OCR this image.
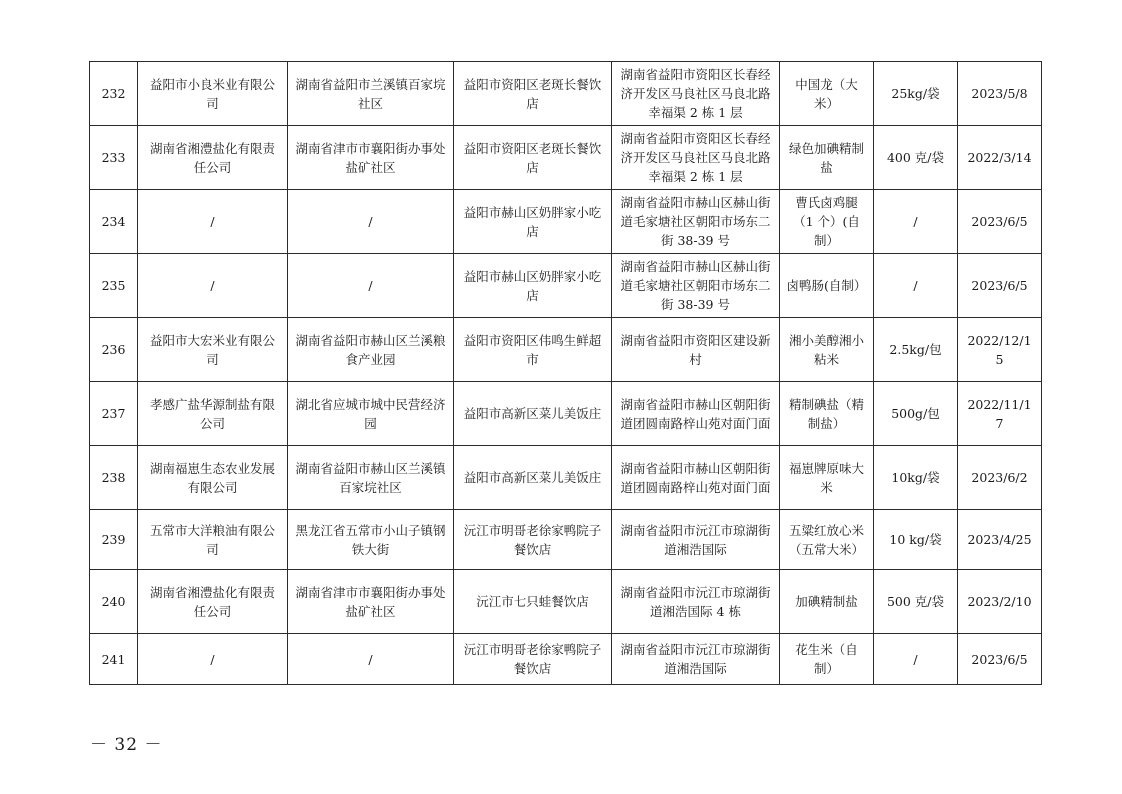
232	益阳市小良米业有限公司	湖南省益阳市兰溪镇百家垸社区	益阳市资阳区老斑长餐饮店	湖南省益阳市资阳区长春经济开发区马良社区马良北路幸福渠 2 栋 1 层	中国龙（大米）	25kg/袋	2023/5/8
233	湖南省湘澧盐化有限责任公司	湖南省津市市襄阳街办事处盐矿社区	益阳市资阳区老斑长餐饮店	湖南省益阳市资阳区长春经济开发区马良社区马良北路幸福渠 2 栋 1 层	绿色加碘精制盐	400 克/袋	2022/3/14
234	/	/	益阳市赫山区奶胖家小吃店	湖南省益阳市赫山区赫山街道毛家塘社区朝阳市场东二街 38-39 号	曹氏卤鸡腿（1 个）(自制）	/	2023/6/5
235	/	/	益阳市赫山区奶胖家小吃店	湖南省益阳市赫山区赫山街道毛家塘社区朝阳市场东二街 38-39 号	卤鸭肠(自制）	/	2023/6/5
236	益阳市大宏米业有限公司	湖南省益阳市赫山区兰溪粮食产业园	益阳市资阳区伟鸣生鲜超市	湖南省益阳市资阳区建设新村	湘小美醇湘小粘米	2.5kg/包	2022/12/15
237	孝感广盐华源制盐有限公司	湖北省应城市城中民营经济园	益阳市高新区菜儿美饭庄	湖南省益阳市赫山区朝阳街道团圆南路梓山苑对面门面	精制碘盐（精制盐）	500g/包	2022/11/17
238	湖南福崽生态农业发展有限公司	湖南省益阳市赫山区兰溪镇百家垸社区	益阳市高新区菜儿美饭庄	湖南省益阳市赫山区朝阳街道团圆南路梓山苑对面门面	福崽牌原味大米	10kg/袋	2023/6/2
239	五常市大洋粮油有限公司	黑龙江省五常市小山子镇钢铁大街	沅江市明哥老徐家鸭院子餐饮店	湖南省益阳市沅江市琼湖街道湘浩国际	五粱红放心米（五常大米）	10 kg/袋	2023/4/25
240	湖南省湘澧盐化有限责任公司	湖南省津市市襄阳街办事处盐矿社区	沅江市七只蛙餐饮店	湖南省益阳市沅江市琼湖街道湘浩国际 4 栋	加碘精制盐	500 克/袋	2023/2/10
241	/	/	沅江市明哥老徐家鸭院子餐饮店	湖南省益阳市沅江市琼湖街道湘浩国际	花生米（自制）	/	2023/6/5
－ 32 －
